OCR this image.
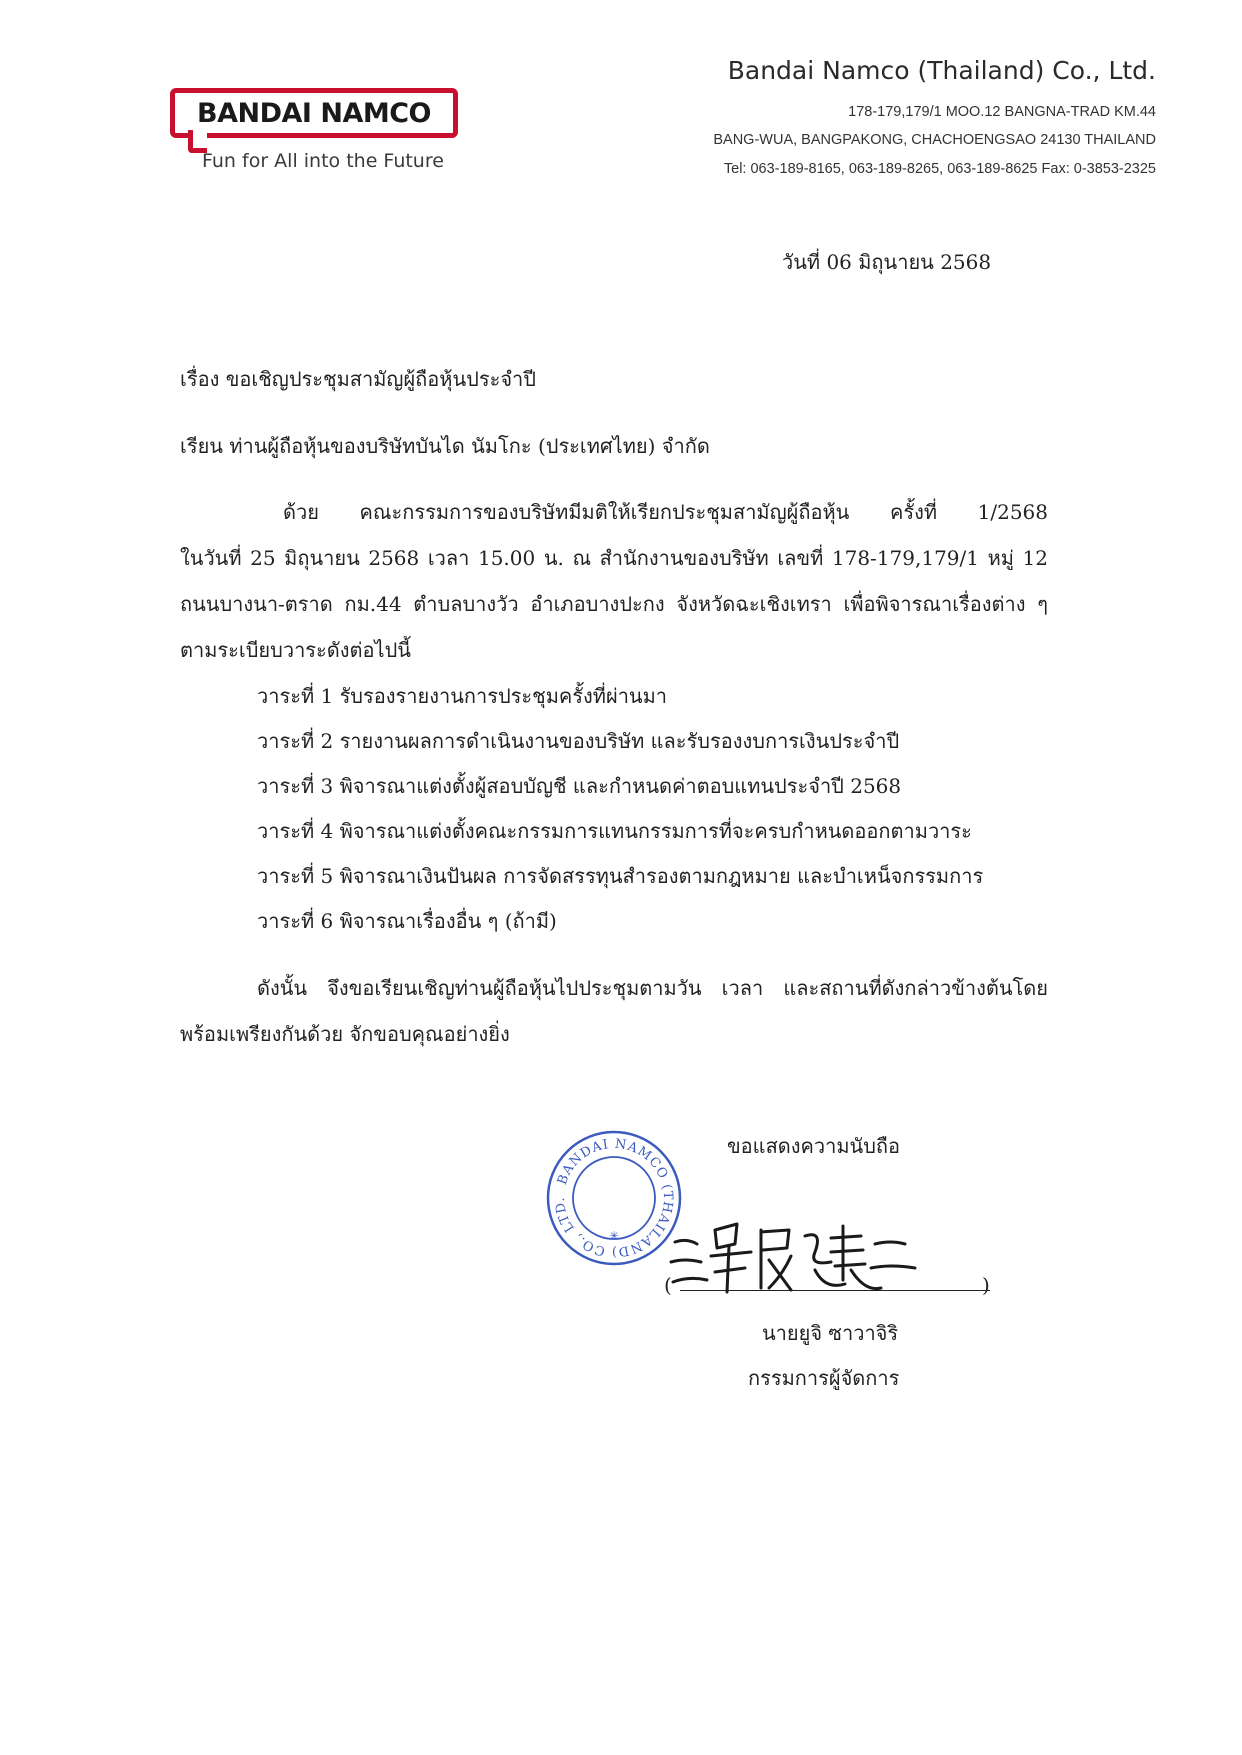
BANDAI NAMCO
Fun for All into the Future
Bandai Namco (Thailand) Co., Ltd.
178-179,179/1 MOO.12 BANGNA-TRAD KM.44
BANG-WUA, BANGPAKONG, CHACHOENGSAO 24130 THAILAND
Tel: 063-189-8165, 063-189-8265, 063-189-8625 Fax: 0-3853-2325
วันที่ 06 มิถุนายน 2568
เรื่อง ขอเชิญประชุมสามัญผู้ถือหุ้นประจำปี
เรียน ท่านผู้ถือหุ้นของบริษัทบันได นัมโกะ (ประเทศไทย) จำกัด
ด้วย คณะกรรมการของบริษัทมีมติให้เรียกประชุมสามัญผู้ถือหุ้น ครั้งที่ 1/2568
ในวันที่ 25 มิถุนายน 2568 เวลา 15.00 น. ณ สำนักงานของบริษัท เลขที่ 178-179,179/1 หมู่ 12
ถนนบางนา-ตราด กม.44 ตำบลบางวัว อำเภอบางปะกง จังหวัดฉะเชิงเทรา เพื่อพิจารณาเรื่องต่าง ๆ
ตามระเบียบวาระดังต่อไปนี้
วาระที่ 1 รับรองรายงานการประชุมครั้งที่ผ่านมา
วาระที่ 2 รายงานผลการดำเนินงานของบริษัท และรับรองงบการเงินประจำปี
วาระที่ 3 พิจารณาแต่งตั้งผู้สอบบัญชี และกำหนดค่าตอบแทนประจำปี 2568
วาระที่ 4 พิจารณาแต่งตั้งคณะกรรมการแทนกรรมการที่จะครบกำหนดออกตามวาระ
วาระที่ 5 พิจารณาเงินปันผล การจัดสรรทุนสำรองตามกฎหมาย และบำเหน็จกรรมการ
วาระที่ 6 พิจารณาเรื่องอื่น ๆ (ถ้ามี)
ดังนั้น จึงขอเรียนเชิญท่านผู้ถือหุ้นไปประชุมตามวัน เวลา และสถานที่ดังกล่าวข้างต้นโดย
พร้อมเพรียงกันด้วย จักขอบคุณอย่างยิ่ง
ขอแสดงความนับถือ
BANDAI NAMCO (THAILAND) CO., LTD.
✳
(	)
นายยูจิ ซาวาจิริ
กรรมการผู้จัดการ
